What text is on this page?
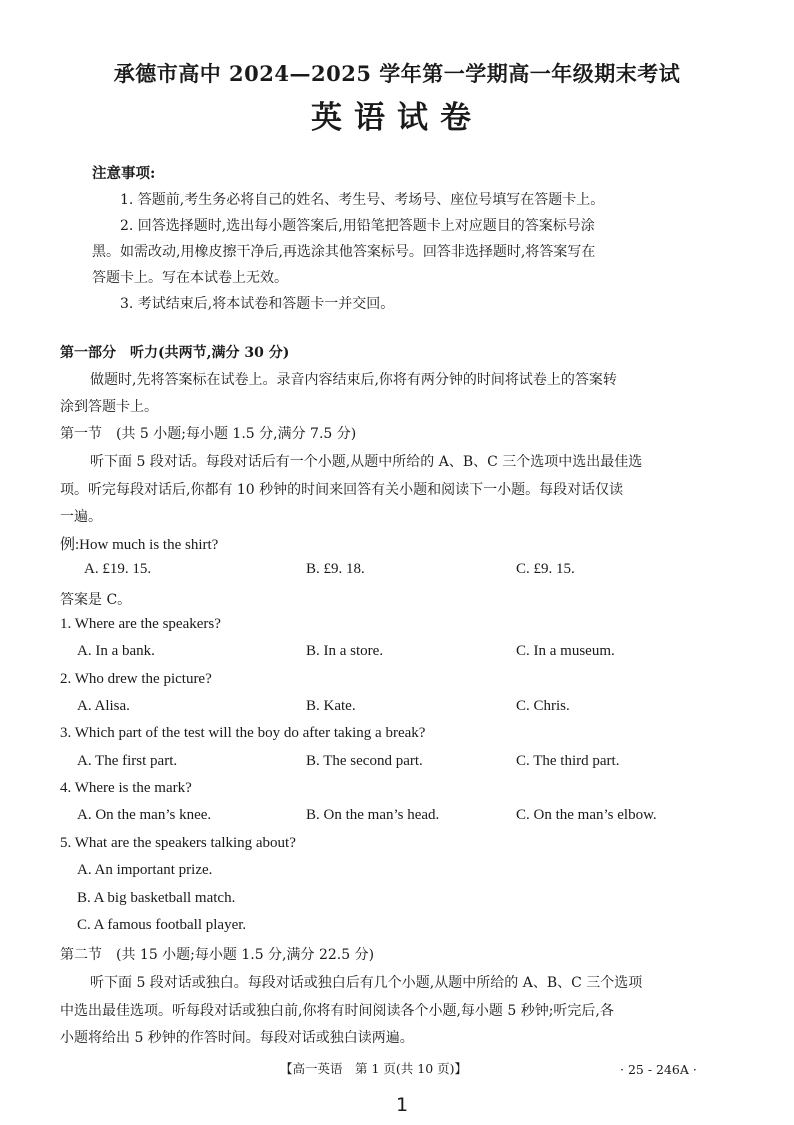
承德市高中 2024—2025 学年第一学期高一年级期末考试
英语试卷
注意事项:
1. 答题前,考生务必将自己的姓名、考生号、考场号、座位号填写在答题卡上。
2. 回答选择题时,选出每小题答案后,用铅笔把答题卡上对应题目的答案标号涂
黑。如需改动,用橡皮擦干净后,再选涂其他答案标号。回答非选择题时,将答案写在
答题卡上。写在本试卷上无效。
3. 考试结束后,将本试卷和答题卡一并交回。
第一部分　听力(共两节,满分 30 分)
做题时,先将答案标在试卷上。录音内容结束后,你将有两分钟的时间将试卷上的答案转
涂到答题卡上。
第一节　(共 5 小题;每小题 1.5 分,满分 7.5 分)
听下面 5 段对话。每段对话后有一个小题,从题中所给的 A、B、C 三个选项中选出最佳选
项。听完每段对话后,你都有 10 秒钟的时间来回答有关小题和阅读下一小题。每段对话仅读
一遍。
例:How much is the shirt?
A. £19. 15.	B. £9. 18.	C. £9. 15.
答案是 C。
1. Where are the speakers?
A. In a bank.	B. In a store.	C. In a museum.
2. Who drew the picture?
A. Alisa.	B. Kate.	C. Chris.
3. Which part of the test will the boy do after taking a break?
A. The first part.	B. The second part.	C. The third part.
4. Where is the mark?
A. On the man’s knee.	B. On the man’s head.	C. On the man’s elbow.
5. What are the speakers talking about?
A. An important prize.
B. A big basketball match.
C. A famous football player.
第二节　(共 15 小题;每小题 1.5 分,满分 22.5 分)
听下面 5 段对话或独白。每段对话或独白后有几个小题,从题中所给的 A、B、C 三个选项
中选出最佳选项。听每段对话或独白前,你将有时间阅读各个小题,每小题 5 秒钟;听完后,各
小题将给出 5 秒钟的作答时间。每段对话或独白读两遍。
【高一英语　第 1 页(共 10 页)】	· 25 - 246A ·
1
